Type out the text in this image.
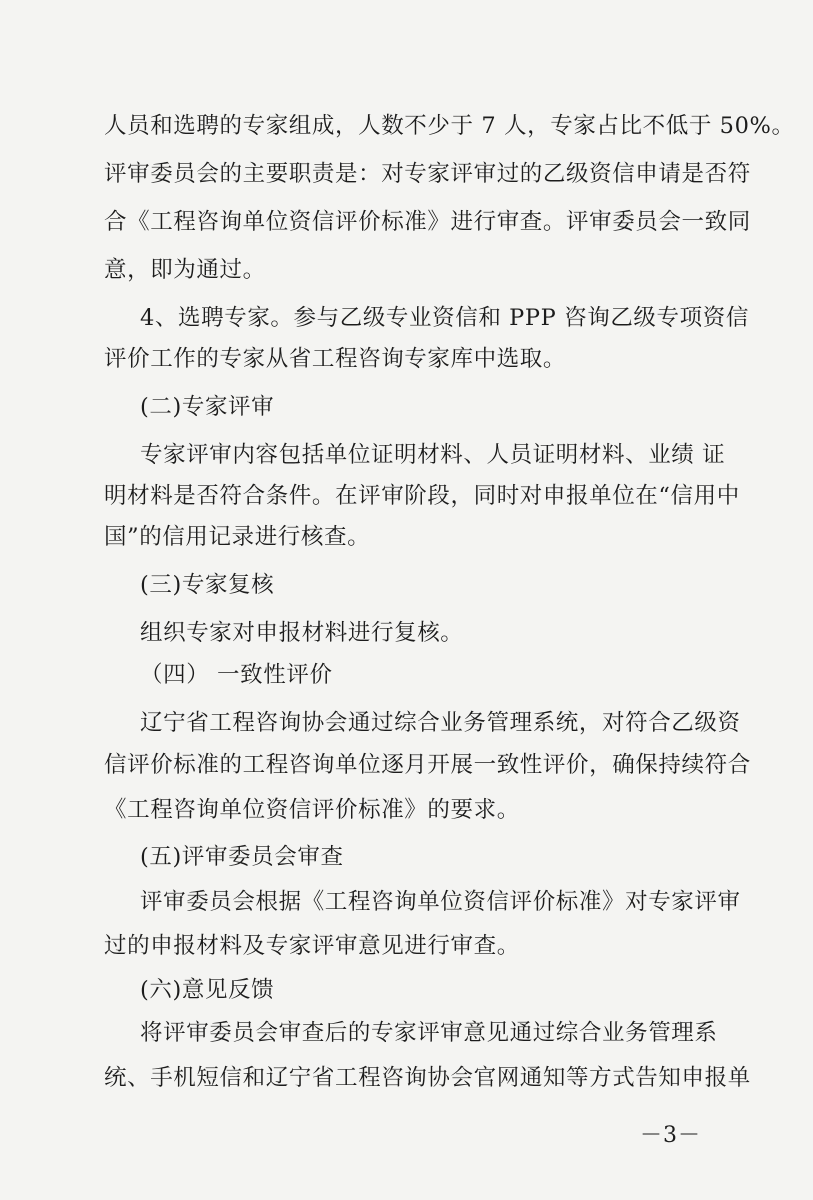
人员和选聘的专家组成，人数不少于 7 人，专家占比不低于 50%。
评审委员会的主要职责是：对专家评审过的乙级资信申请是否符
合《工程咨询单位资信评价标准》进行审查。评审委员会一致同
意，即为通过。
4、选聘专家。参与乙级专业资信和 PPP 咨询乙级专项资信
评价工作的专家从省工程咨询专家库中选取。
(二)专家评审
专家评审内容包括单位证明材料、人员证明材料、业绩 证
明材料是否符合条件。在评审阶段，同时对申报单位在“信用中
国”的信用记录进行核查。
(三)专家复核
组织专家对申报材料进行复核。
（四） 一致性评价
辽宁省工程咨询协会通过综合业务管理系统，对符合乙级资
信评价标准的工程咨询单位逐月开展一致性评价，确保持续符合
《工程咨询单位资信评价标准》的要求。
(五)评审委员会审查
评审委员会根据《工程咨询单位资信评价标准》对专家评审
过的申报材料及专家评审意见进行审查。
(六)意见反馈
将评审委员会审查后的专家评审意见通过综合业务管理系
统、手机短信和辽宁省工程咨询协会官网通知等方式告知申报单
－3－
